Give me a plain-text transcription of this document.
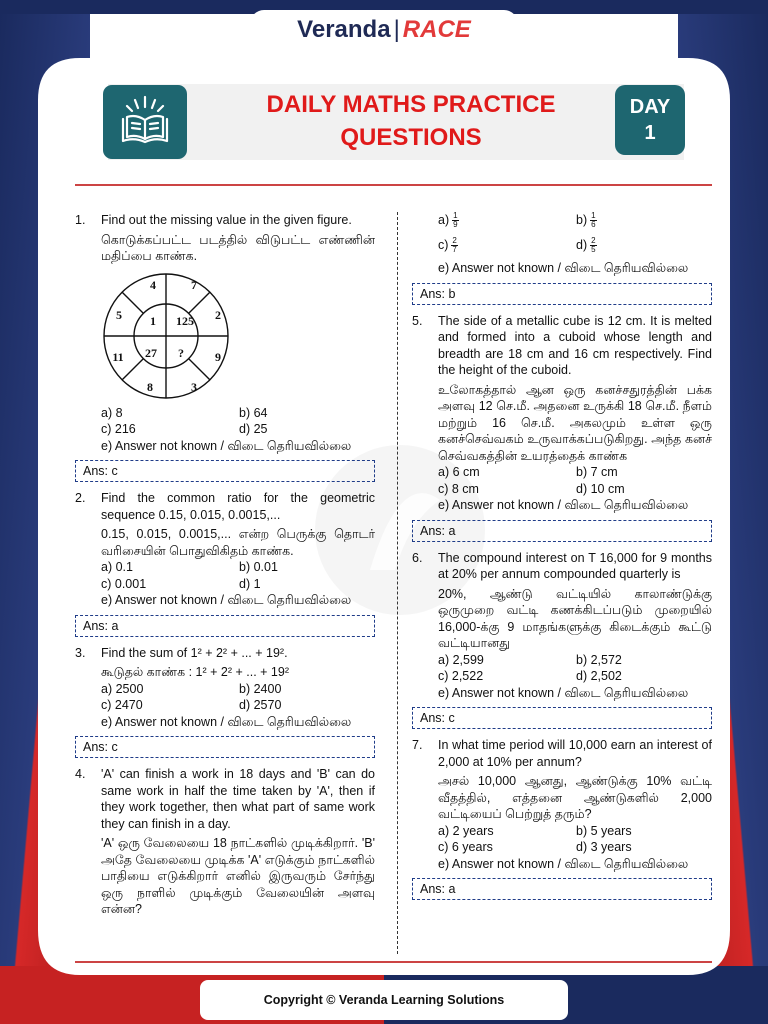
Veranda | RACE
DAILY MATHS PRACTICE
QUESTIONS
DAY
1
1. Find out the missing value in the given figure.
கொடுக்கப்பட்ட படத்தில் விடுபட்ட எண்ணின் மதிப்பை காண்க.
4	7
2
9
3
8
11
5 1 125
?
27
a) 8	b) 64
c) 216	d) 25
e) Answer not known / விடை தெரியவில்லை
Ans: c
2. Find the common ratio for the geometric sequence 0.15, 0.015, 0.0015,...
0.15, 0.015, 0.0015,... என்ற பெருக்கு தொடர் வரிசையின் பொதுவிகிதம் காண்க.
a) 0.1	b) 0.01
c) 0.001	d) 1
e) Answer not known / விடை தெரியவில்லை
Ans: a
3. Find the sum of 1² + 2² + ... + 19².
கூடுதல் காண்க : 1² + 2² + ... + 19²
a) 2500	b) 2400
c) 2470	d) 2570
e) Answer not known / விடை தெரியவில்லை
Ans: c
4. 'A' can finish a work in 18 days and 'B' can do same work in half the time taken by 'A', then if they work together, then what part of same work they can finish in a day.
'A' ஒரு வேலையை 18 நாட்களில் முடிக்கிறார். 'B' அதே வேலையை முடிக்க 'A' எடுக்கும் நாட்களில் பாதியை எடுக்கிறார் எனில் இருவரும் சேர்ந்து ஒரு நாளில் முடிக்கும் வேலையின் அளவு என்ன?
$a) \frac{1}{9}$	$b) \frac{1}{6}$
$c) \frac{2}{7}$	$d) \frac{2}{5}$
e) Answer not known / விடை தெரியவில்லை
Ans: b
5. The side of a metallic cube is 12 cm. It is melted and formed into a cuboid whose length and breadth are 18 cm and 16 cm respectively. Find the height of the cuboid.
உலோகத்தால் ஆன ஒரு கனச்சதுரத்தின் பக்க அளவு 12 செ.மீ. அதனை உருக்கி 18 செ.மீ. நீளம் மற்றும் 16 செ.மீ. அகலமும் உள்ள ஒரு கனச்செவ்வகம் உருவாக்கப்படுகிறது. அந்த கனச் செவ்வகத்தின் உயரத்தைக் காண்க
a) 6 cm	b) 7 cm
c) 8 cm	d) 10 cm
e) Answer not known / விடை தெரியவில்லை
Ans: a
6. The compound interest on T 16,000 for 9 months at 20% per annum compounded quarterly is
20%, ஆண்டு வட்டியில் காலாண்டுக்கு ஒருமுறை வட்டி கணக்கிடப்படும் முறையில் 16,000-க்கு 9 மாதங்களுக்கு கிடைக்கும் கூட்டு வட்டியானது
a) 2,599	b) 2,572
c) 2,522	d) 2,502
e) Answer not known / விடை தெரியவில்லை
Ans: c
7. In what time period will 10,000 earn an interest of 2,000 at 10% per annum?
அசல் 10,000 ஆனது, ஆண்டுக்கு 10% வட்டி வீதத்தில், எத்தனை ஆண்டுகளில் 2,000 வட்டியைப் பெற்றுத் தரும்?
a) 2 years	b) 5 years
c) 6 years	d) 3 years
e) Answer not known / விடை தெரியவில்லை
Ans: a
Copyright © Veranda Learning Solutions
